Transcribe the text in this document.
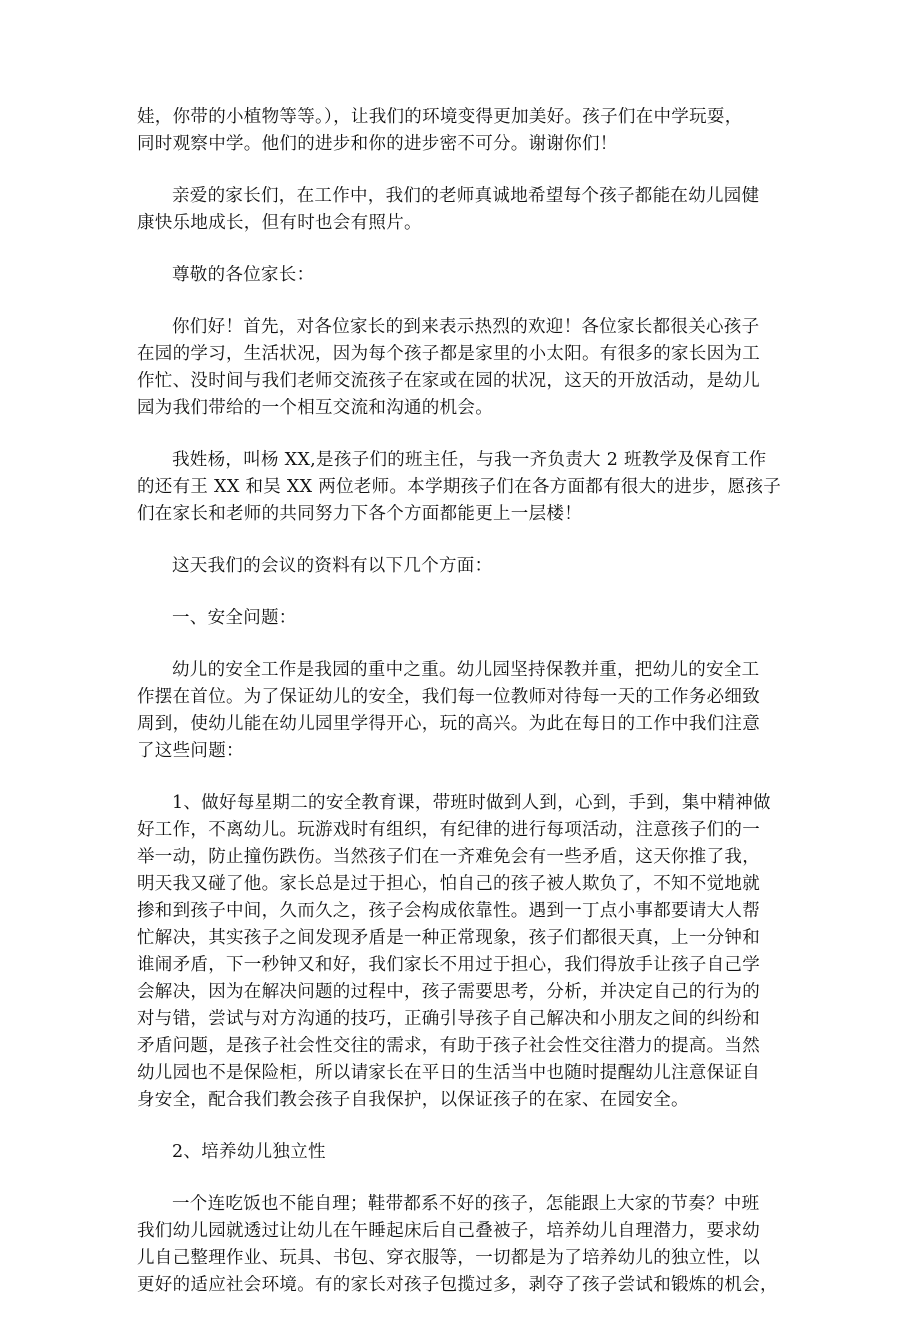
娃，你带的小植物等等。），让我们的环境变得更加美好。孩子们在中学玩耍，
同时观察中学。他们的进步和你的进步密不可分。谢谢你们！
亲爱的家长们，在工作中，我们的老师真诚地希望每个孩子都能在幼儿园健
康快乐地成长，但有时也会有照片。
尊敬的各位家长：
你们好！首先，对各位家长的到来表示热烈的欢迎！各位家长都很关心孩子
在园的学习，生活状况，因为每个孩子都是家里的小太阳。有很多的家长因为工
作忙、没时间与我们老师交流孩子在家或在园的状况，这天的开放活动，是幼儿
园为我们带给的一个相互交流和沟通的机会。
我姓杨，叫杨 XX,是孩子们的班主任，与我一齐负责大 2 班教学及保育工作
的还有王 XX 和吴 XX 两位老师。本学期孩子们在各方面都有很大的进步，愿孩子
们在家长和老师的共同努力下各个方面都能更上一层楼！
这天我们的会议的资料有以下几个方面：
一、安全问题：
幼儿的安全工作是我园的重中之重。幼儿园坚持保教并重，把幼儿的安全工
作摆在首位。为了保证幼儿的安全，我们每一位教师对待每一天的工作务必细致
周到，使幼儿能在幼儿园里学得开心，玩的高兴。为此在每日的工作中我们注意
了这些问题：
1、做好每星期二的安全教育课，带班时做到人到，心到，手到，集中精神做
好工作，不离幼儿。玩游戏时有组织，有纪律的进行每项活动，注意孩子们的一
举一动，防止撞伤跌伤。当然孩子们在一齐难免会有一些矛盾，这天你推了我，
明天我又碰了他。家长总是过于担心，怕自己的孩子被人欺负了，不知不觉地就
掺和到孩子中间，久而久之，孩子会构成依靠性。遇到一丁点小事都要请大人帮
忙解决，其实孩子之间发现矛盾是一种正常现象，孩子们都很天真，上一分钟和
谁闹矛盾，下一秒钟又和好，我们家长不用过于担心，我们得放手让孩子自己学
会解决，因为在解决问题的过程中，孩子需要思考，分析，并决定自己的行为的
对与错，尝试与对方沟通的技巧，正确引导孩子自己解决和小朋友之间的纠纷和
矛盾问题，是孩子社会性交往的需求，有助于孩子社会性交往潜力的提高。当然
幼儿园也不是保险柜，所以请家长在平日的生活当中也随时提醒幼儿注意保证自
身安全，配合我们教会孩子自我保护，以保证孩子的在家、在园安全。
2、培养幼儿独立性
一个连吃饭也不能自理；鞋带都系不好的孩子，怎能跟上大家的节奏？中班
我们幼儿园就透过让幼儿在午睡起床后自己叠被子，培养幼儿自理潜力，要求幼
儿自己整理作业、玩具、书包、穿衣服等，一切都是为了培养幼儿的独立性，以
更好的适应社会环境。有的家长对孩子包揽过多，剥夺了孩子尝试和锻炼的机会，
